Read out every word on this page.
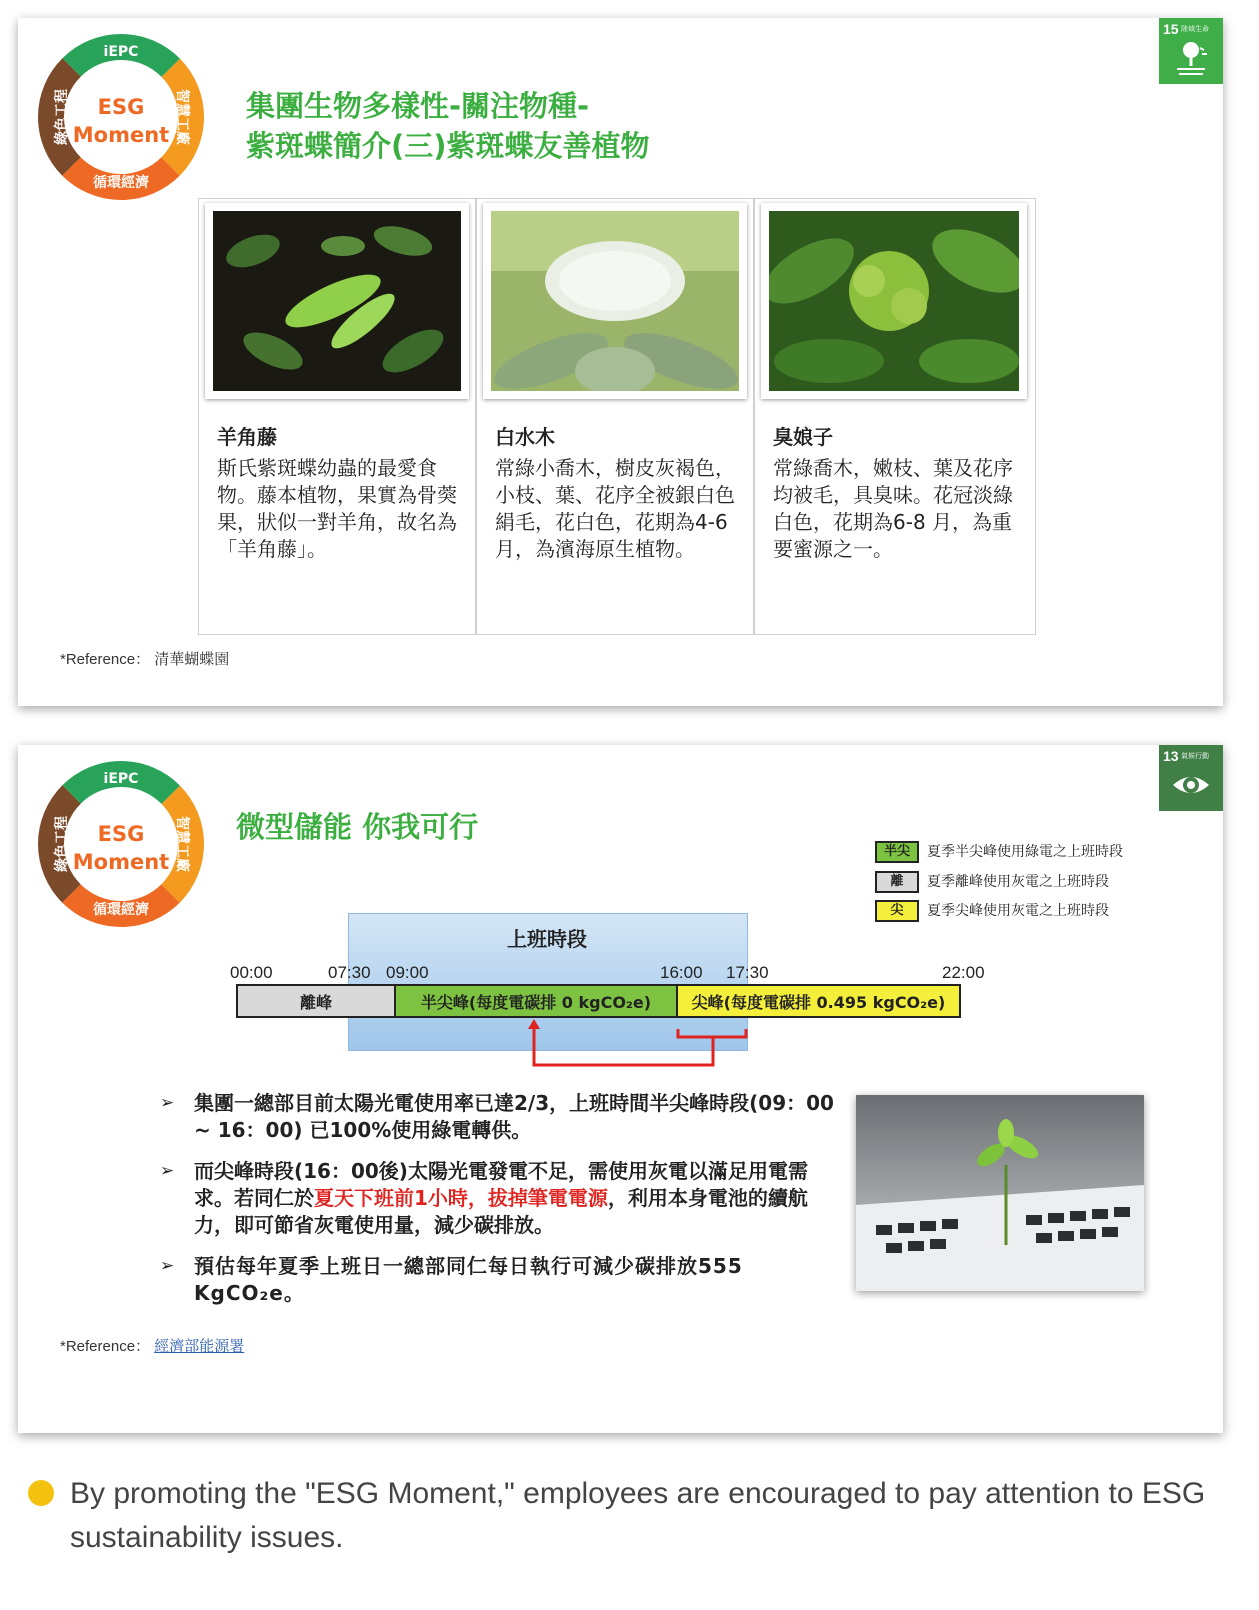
iEPC
ESG
Moment
綠色工程	智慧工廠
循環經濟
15 陸域生命
集團生物多樣性-關注物種-
紫斑蝶簡介(三)紫斑蝶友善植物
羊角藤
斯氏紫斑蝶幼蟲的最愛食物。藤本植物，果實為骨葖果，狀似一對羊角，故名為「羊角藤」。
白水木
常綠小喬木，樹皮灰褐色，小枝、葉、花序全被銀白色絹毛，花白色，花期為4-6月，為濱海原生植物。
臭娘子
常綠喬木，嫩枝、葉及花序均被毛，具臭味。花冠淡綠白色，花期為6-8 月，為重要蜜源之一。
*Reference： 清華蝴蝶園
iEPC
ESG
Moment
綠色工程	智慧工廠
循環經濟
13 氣候行動
微型儲能 你我可行
半尖 夏季半尖峰使用綠電之上班時段
離 夏季離峰使用灰電之上班時段
尖 夏季尖峰使用灰電之上班時段
上班時段
00:00	07:30 09:00	16:00 17:30	22:00
離峰	半尖峰(每度電碳排 0 kgCO₂e)	尖峰(每度電碳排 0.495 kgCO₂e)
➢ 集團一總部目前太陽光電使用率已達2/3，上班時間半尖峰時段(09：00 ~ 16：00) 已100%使用綠電轉供。
➢ 而尖峰時段(16：00後)太陽光電發電不足，需使用灰電以滿足用電需求。若同仁於夏天下班前1小時，拔掉筆電電源，利用本身電池的續航力，即可節省灰電使用量，減少碳排放。
➢ 預估每年夏季上班日一總部同仁每日執行可減少碳排放555 KgCO₂e。
*Reference： 經濟部能源署
By promoting the "ESG Moment," employees are encouraged to pay attention to ESG sustainability issues.
